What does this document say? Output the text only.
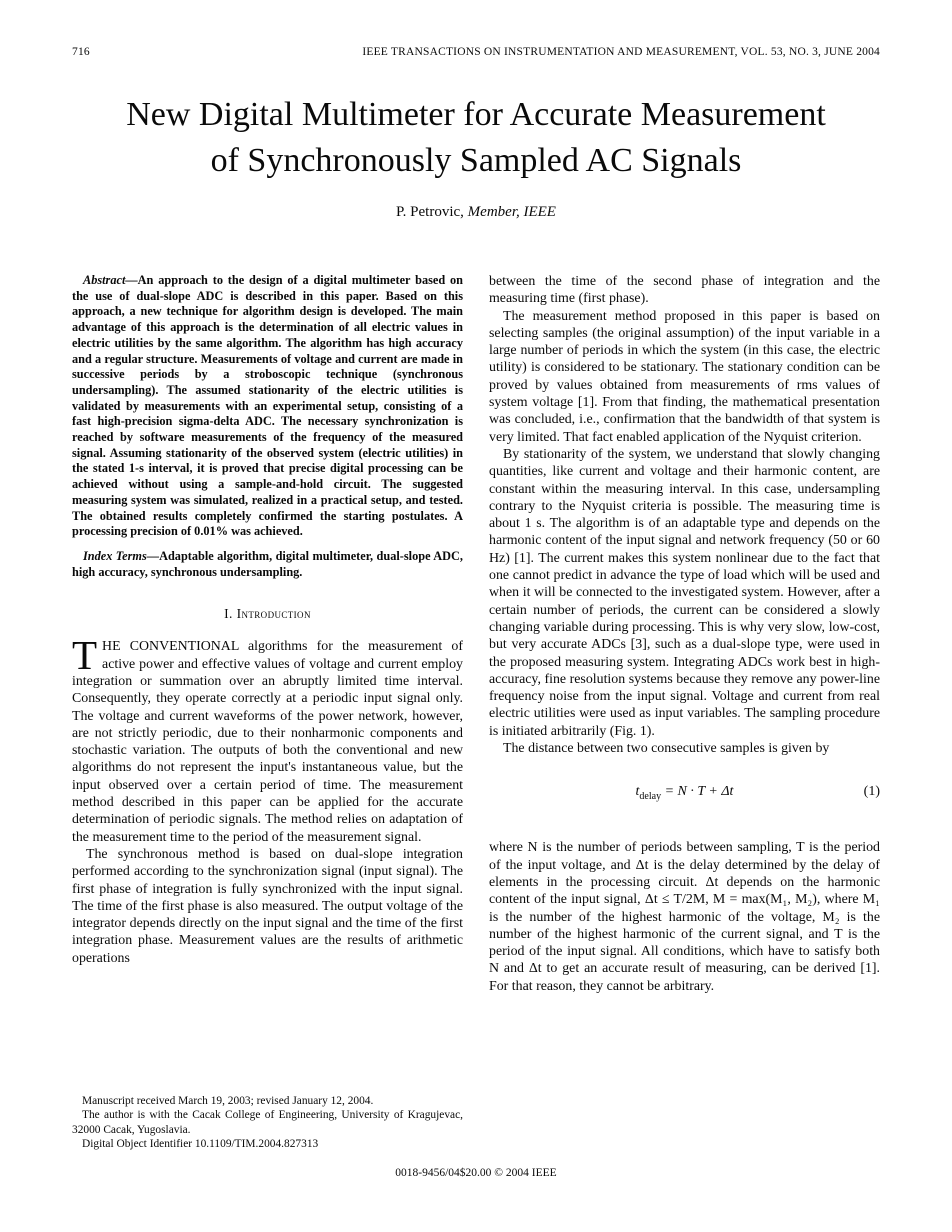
716	IEEE TRANSACTIONS ON INSTRUMENTATION AND MEASUREMENT, VOL. 53, NO. 3, JUNE 2004
New Digital Multimeter for Accurate Measurement
of Synchronously Sampled AC Signals
P. Petrovic, Member, IEEE

Abstract—An approach to the design of a digital multimeter based on the use of dual-slope ADC is described in this paper. Based on this approach, a new technique for algorithm design is developed. The main advantage of this approach is the determination of all electric values in electric utilities by the same algorithm. The algorithm has high accuracy and a regular structure. Measurements of voltage and current are made in successive periods by a stroboscopic technique (synchronous undersampling). The assumed stationarity of the electric utilities is validated by measurements with an experimental setup, consisting of a fast high-precision sigma-delta ADC. The necessary synchronization is reached by software measurements of the frequency of the measured signal. Assuming stationarity of the observed system (electric utilities) in the stated 1-s interval, it is proved that precise digital processing can be achieved without using a sample-and-hold circuit. The suggested measuring system was simulated, realized in a practical setup, and tested. The obtained results completely confirmed the starting postulates. A processing precision of 0.01% was achieved.

Index Terms—Adaptable algorithm, digital multimeter, dual-slope ADC, high accuracy, synchronous undersampling.

I. Introduction

THE CONVENTIONAL algorithms for the measurement of active power and effective values of voltage and current employ integration or summation over an abruptly limited time interval. Consequently, they operate correctly at a periodic input signal only. The voltage and current waveforms of the power network, however, are not strictly periodic, due to their nonharmonic components and stochastic variation. The outputs of both the conventional and new algorithms do not represent the input's instantaneous value, but the input observed over a certain period of time. The measurement method described in this paper can be applied for the accurate determination of periodic signals. The method relies on adaptation of the measurement time to the period of the measurement signal.

The synchronous method is based on dual-slope integration performed according to the synchronization signal (input signal). The first phase of integration is fully synchronized with the input signal. The time of the first phase is also measured. The output voltage of the integrator depends directly on the input signal and the time of the first integration phase. Measurement values are the results of arithmetic operations

Manuscript received March 19, 2003; revised January 12, 2004.

The author is with the Cacak College of Engineering, University of Kragujevac, 32000 Cacak, Yugoslavia.

Digital Object Identifier 10.1109/TIM.2004.827313

between the time of the second phase of integration and the measuring time (first phase).

The measurement method proposed in this paper is based on selecting samples (the original assumption) of the input variable in a large number of periods in which the system (in this case, the electric utility) is considered to be stationary. The stationary condition can be proved by values obtained from measurements of rms values of system voltage [1]. From that finding, the mathematical presentation was concluded, i.e., confirmation that the bandwidth of that system is very limited. That fact enabled application of the Nyquist criterion.

By stationarity of the system, we understand that slowly changing quantities, like current and voltage and their harmonic content, are constant within the measuring interval. In this case, undersampling contrary to the Nyquist criteria is possible. The measuring time is about 1 s. The algorithm is of an adaptable type and depends on the harmonic content of the input signal and network frequency (50 or 60 Hz) [1]. The current makes this system nonlinear due to the fact that one cannot predict in advance the type of load which will be used and when it will be connected to the investigated system. However, after a certain number of periods, the current can be considered a slowly changing variable during processing. This is why very slow, low-cost, but very accurate ADCs [3], such as a dual-slope type, were used in the proposed measuring system. Integrating ADCs work best in high-accuracy, fine resolution systems because they remove any power-line frequency noise from the input signal. Voltage and current from real electric utilities were used as input variables. The sampling procedure is initiated arbitrarily (Fig. 1).

The distance between two consecutive samples is given by

$t_{delay} = N \cdot T + \Delta t$	(1)

where N is the number of periods between sampling, T is the period of the input voltage, and Δt is the delay determined by the delay of elements in the processing circuit. Δt depends on the harmonic content of the input signal, Δt ≤ T/2M, M = max(M₁, M₂), where M₁ is the number of the highest harmonic of the voltage, M₂ is the number of the highest harmonic of the current signal, and T is the period of the input signal. All conditions, which have to satisfy both N and Δt to get an accurate result of measuring, can be derived [1]. For that reason, they cannot be arbitrary.

0018-9456/04$20.00 © 2004 IEEE
